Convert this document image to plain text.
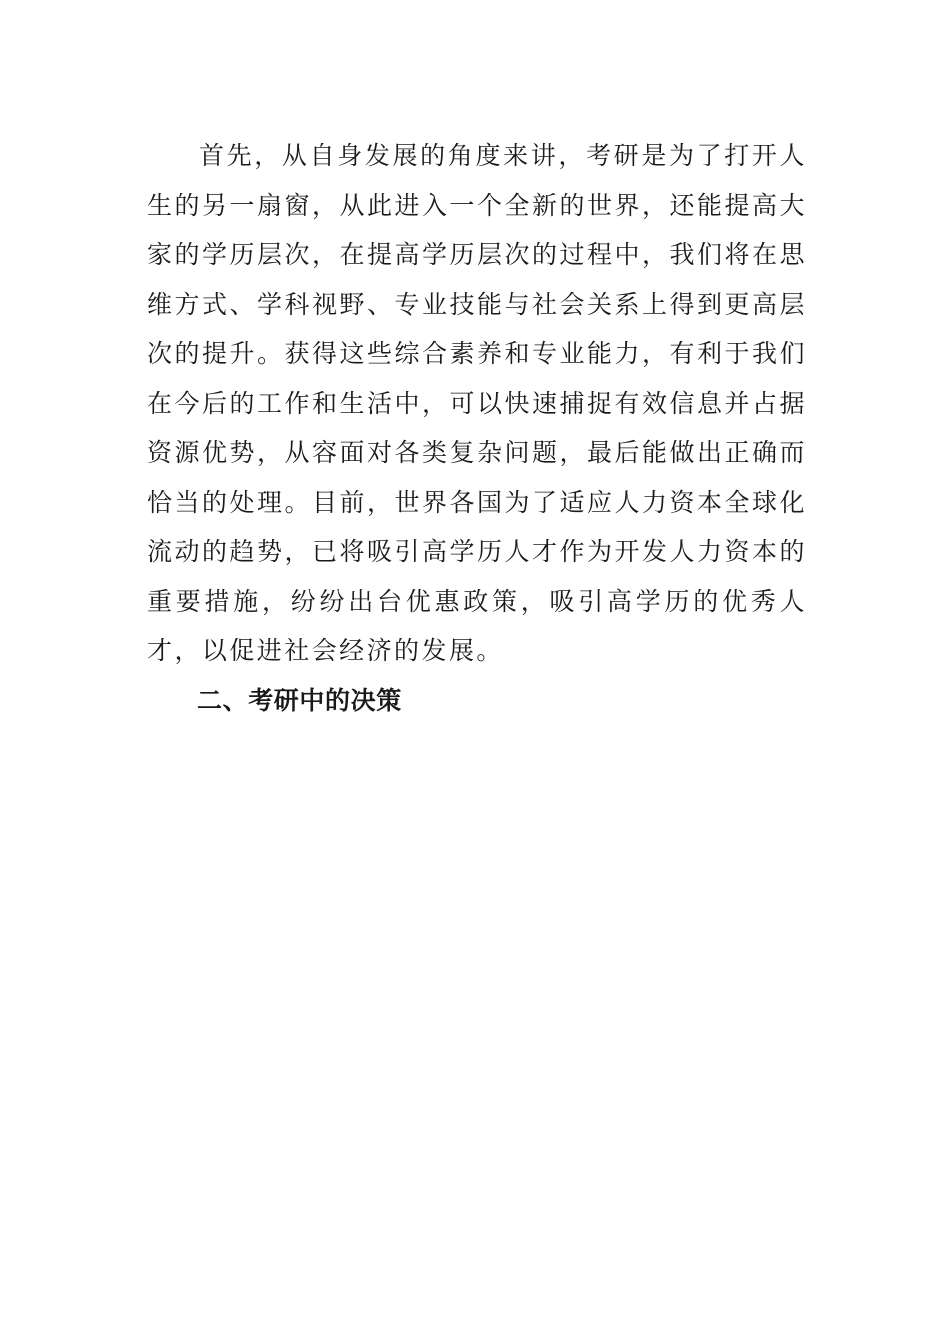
首先，从自身发展的角度来讲，考研是为了打开人生的另一扇窗，从此进入一个全新的世界，还能提高大家的学历层次，在提高学历层次的过程中，我们将在思维方式、学科视野、专业技能与社会关系上得到更高层次的提升。获得这些综合素养和专业能力，有利于我们在今后的工作和生活中，可以快速捕捉有效信息并占据资源优势，从容面对各类复杂问题，最后能做出正确而恰当的处理。目前，世界各国为了适应人力资本全球化流动的趋势，已将吸引高学历人才作为开发人力资本的重要措施，纷纷出台优惠政策，吸引高学历的优秀人才，以促进社会经济的发展。

二、考研中的决策
